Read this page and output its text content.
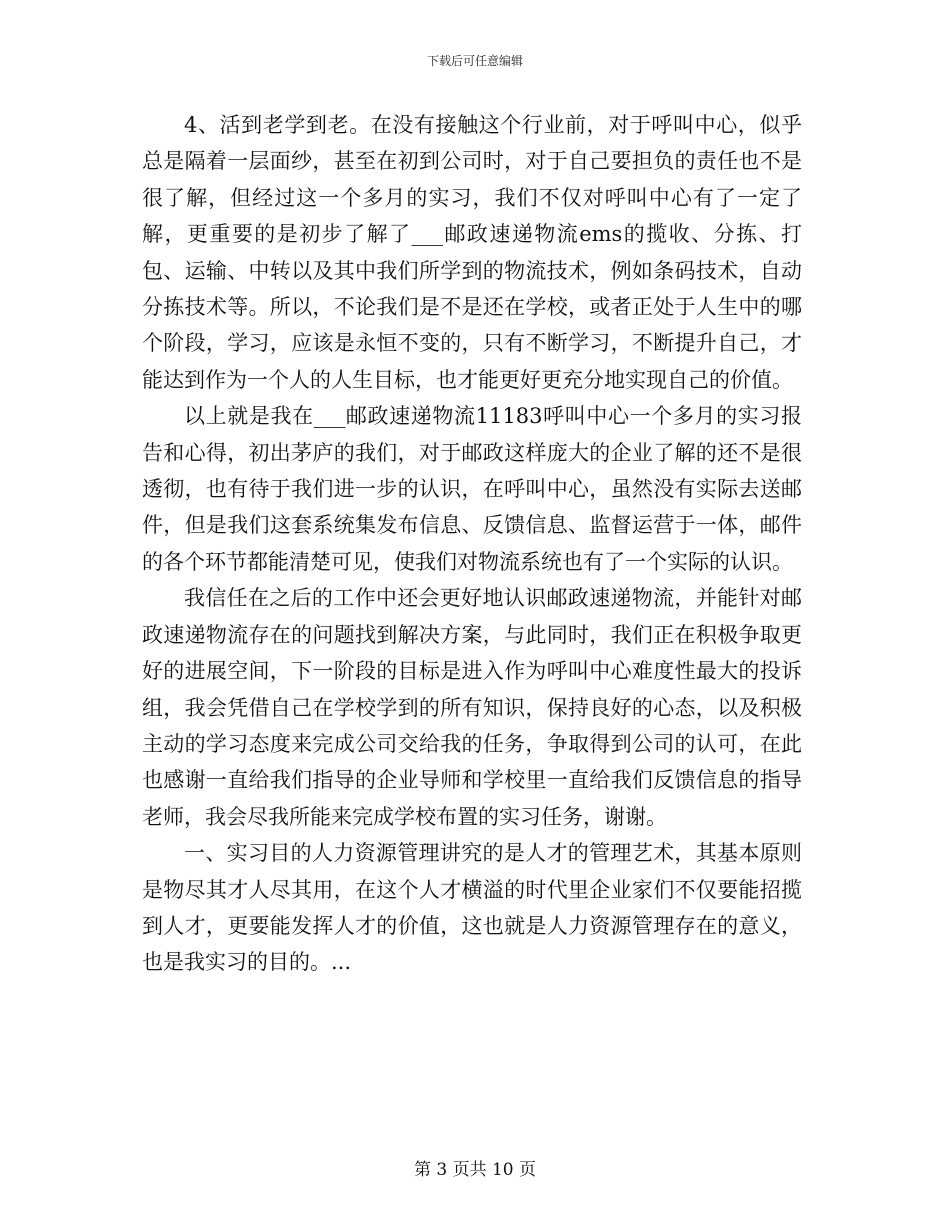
下载后可任意编辑

4、活到老学到老。在没有接触这个行业前，对于呼叫中心，似乎总是隔着一层面纱，甚至在初到公司时，对于自己要担负的责任也不是很了解，但经过这一个多月的实习，我们不仅对呼叫中心有了一定了解，更重要的是初步了解了___邮政速递物流ems的揽收、分拣、打包、运输、中转以及其中我们所学到的物流技术，例如条码技术，自动分拣技术等。所以，不论我们是不是还在学校，或者正处于人生中的哪个阶段，学习，应该是永恒不变的，只有不断学习，不断提升自己，才能达到作为一个人的人生目标，也才能更好更充分地实现自己的价值。

以上就是我在___邮政速递物流11183呼叫中心一个多月的实习报告和心得，初出茅庐的我们，对于邮政这样庞大的企业了解的还不是很透彻，也有待于我们进一步的认识，在呼叫中心，虽然没有实际去送邮件，但是我们这套系统集发布信息、反馈信息、监督运营于一体，邮件的各个环节都能清楚可见，使我们对物流系统也有了一个实际的认识。

我信任在之后的工作中还会更好地认识邮政速递物流，并能针对邮政速递物流存在的问题找到解决方案，与此同时，我们正在积极争取更好的进展空间，下一阶段的目标是进入作为呼叫中心难度性最大的投诉组，我会凭借自己在学校学到的所有知识，保持良好的心态，以及积极主动的学习态度来完成公司交给我的任务，争取得到公司的认可，在此也感谢一直给我们指导的企业导师和学校里一直给我们反馈信息的指导老师，我会尽我所能来完成学校布置的实习任务，谢谢。

一、实习目的人力资源管理讲究的是人才的管理艺术，其基本原则是物尽其才人尽其用，在这个人才横溢的时代里企业家们不仅要能招揽到人才，更要能发挥人才的价值，这也就是人力资源管理存在的意义，也是我实习的目的。...

第 3 页共 10 页
